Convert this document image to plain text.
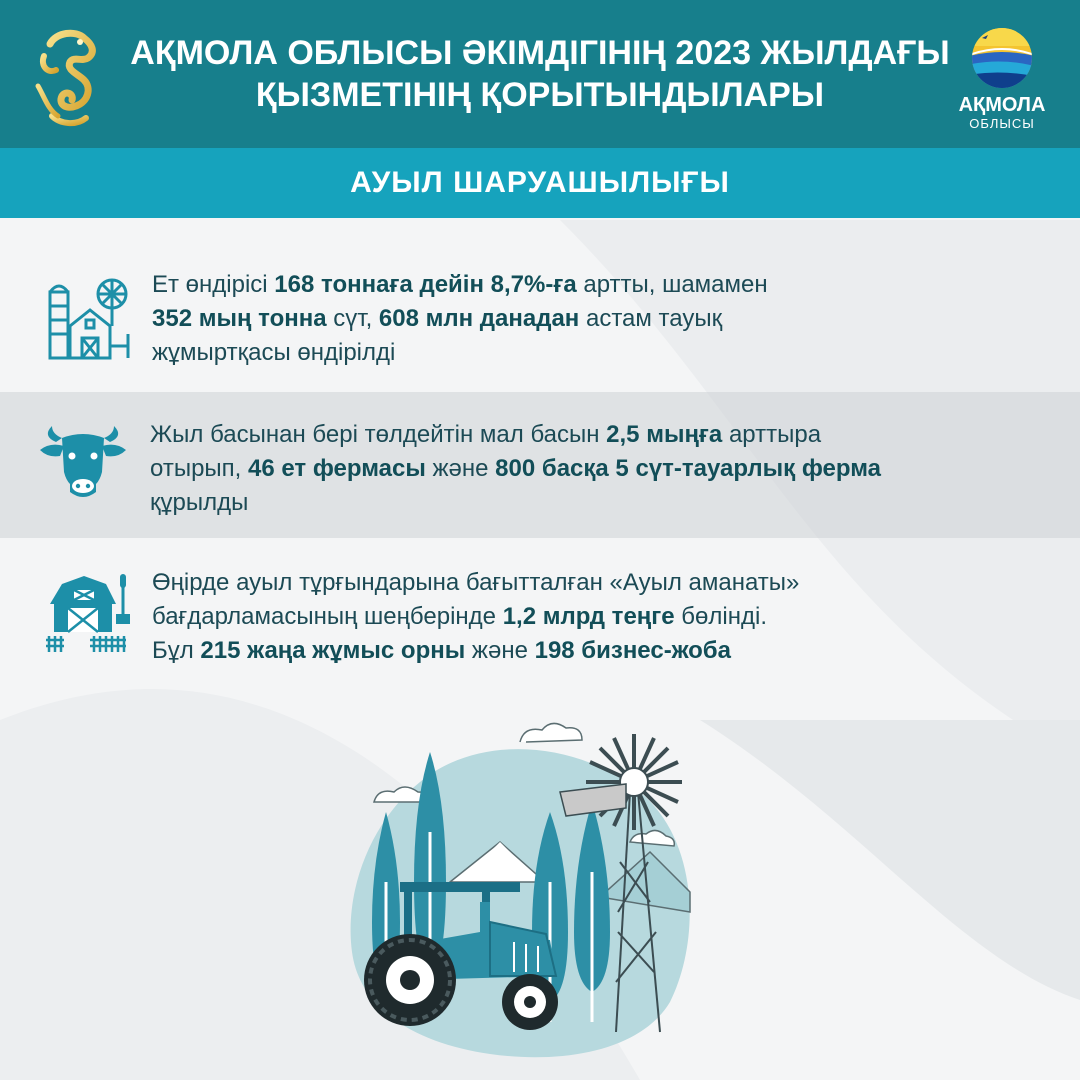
АҚМОЛА ОБЛЫСЫ ӘКІМДІГІНІҢ 2023 ЖЫЛДАҒЫ
ҚЫЗМЕТІНІҢ ҚОРЫТЫНДЫЛАРЫ	АҚМОЛА
ОБЛЫСЫ
АУЫЛ ШАРУАШЫЛЫҒЫ
Ет өндірісі 168 тоннаға дейін 8,7%-ға артты, шамамен
352 мың тонна сүт, 608 млн данадан астам тауық
жұмыртқасы өндірілді
Жыл басынан бері төлдейтін мал басын 2,5 мыңға арттыра
отырып, 46 ет фермасы және 800 басқа 5 сүт-тауарлық ферма
құрылды
Өңірде ауыл тұрғындарына бағытталған «Ауыл аманаты»
бағдарламасының шеңберінде 1,2 млрд теңге бөлінді.
Бұл 215 жаңа жұмыс орны және 198 бизнес-жоба
